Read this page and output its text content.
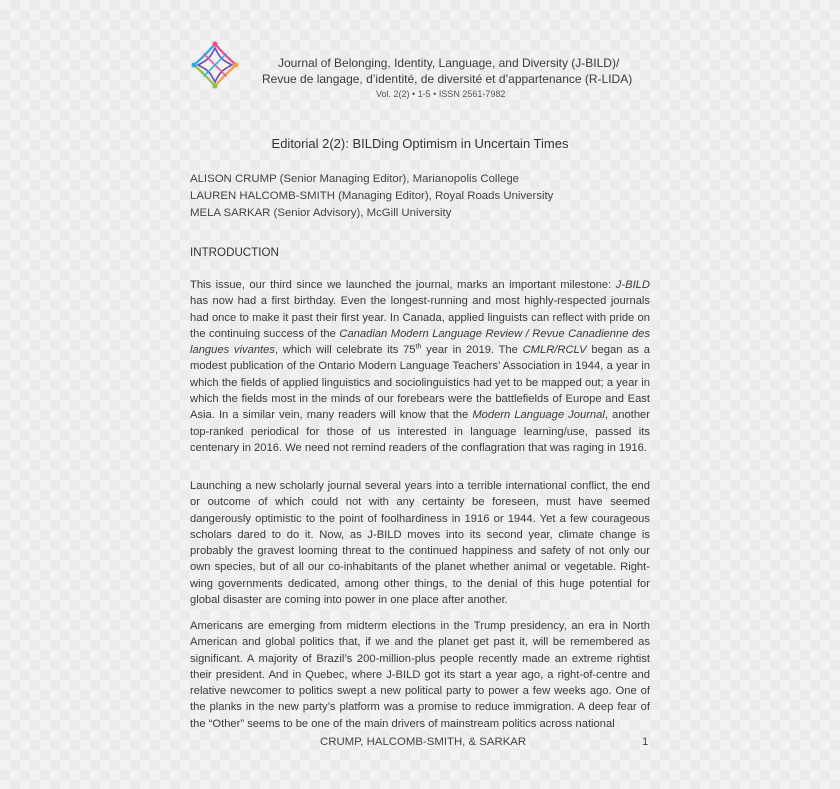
Journal of Belonging, Identity, Language, and Diversity (J-BILD)/
Revue de langage, d’identité, de diversité et d’appartenance (R-LIDA)
Vol. 2(2) • 1-5 • ISSN 2561-7982
Editorial 2(2): BILDing Optimism in Uncertain Times
ALISON CRUMP (Senior Managing Editor), Marianopolis College
LAUREN HALCOMB-SMITH (Managing Editor), Royal Roads University
MELA SARKAR (Senior Advisory), McGill University
INTRODUCTION
This issue, our third since we launched the journal, marks an important milestone: J-BILD has now had a first birthday. Even the longest-running and most highly-respected journals had once to make it past their first year. In Canada, applied linguists can reflect with pride on the continuing success of the Canadian Modern Language Review / Revue Canadienne des langues vivantes, which will celebrate its 75th year in 2019. The CMLR/RCLV began as a modest publication of the Ontario Modern Language Teachers’ Association in 1944, a year in which the fields of applied linguistics and sociolinguistics had yet to be mapped out; a year in which the fields most in the minds of our forebears were the battlefields of Europe and East Asia. In a similar vein, many readers will know that the Modern Language Journal, another top-ranked periodical for those of us interested in language learning/use, passed its centenary in 2016. We need not remind readers of the conflagration that was raging in 1916.
Launching a new scholarly journal several years into a terrible international conflict, the end or outcome of which could not with any certainty be foreseen, must have seemed dangerously optimistic to the point of foolhardiness in 1916 or 1944. Yet a few courageous scholars dared to do it. Now, as J-BILD moves into its second year, climate change is probably the gravest looming threat to the continued happiness and safety of not only our own species, but of all our co-inhabitants of the planet whether animal or vegetable. Right-wing governments dedicated, among other things, to the denial of this huge potential for global disaster are coming into power in one place after another.
Americans are emerging from midterm elections in the Trump presidency, an era in North American and global politics that, if we and the planet get past it, will be remembered as significant. A majority of Brazil’s 200-million-plus people recently made an extreme rightist their president. And in Quebec, where J-BILD got its start a year ago, a right-of-centre and relative newcomer to politics swept a new political party to power a few weeks ago. One of the planks in the new party’s platform was a promise to reduce immigration. A deep fear of the “Other” seems to be one of the main drivers of mainstream politics across national
CRUMP, HALCOMB-SMITH, & SARKAR	1
